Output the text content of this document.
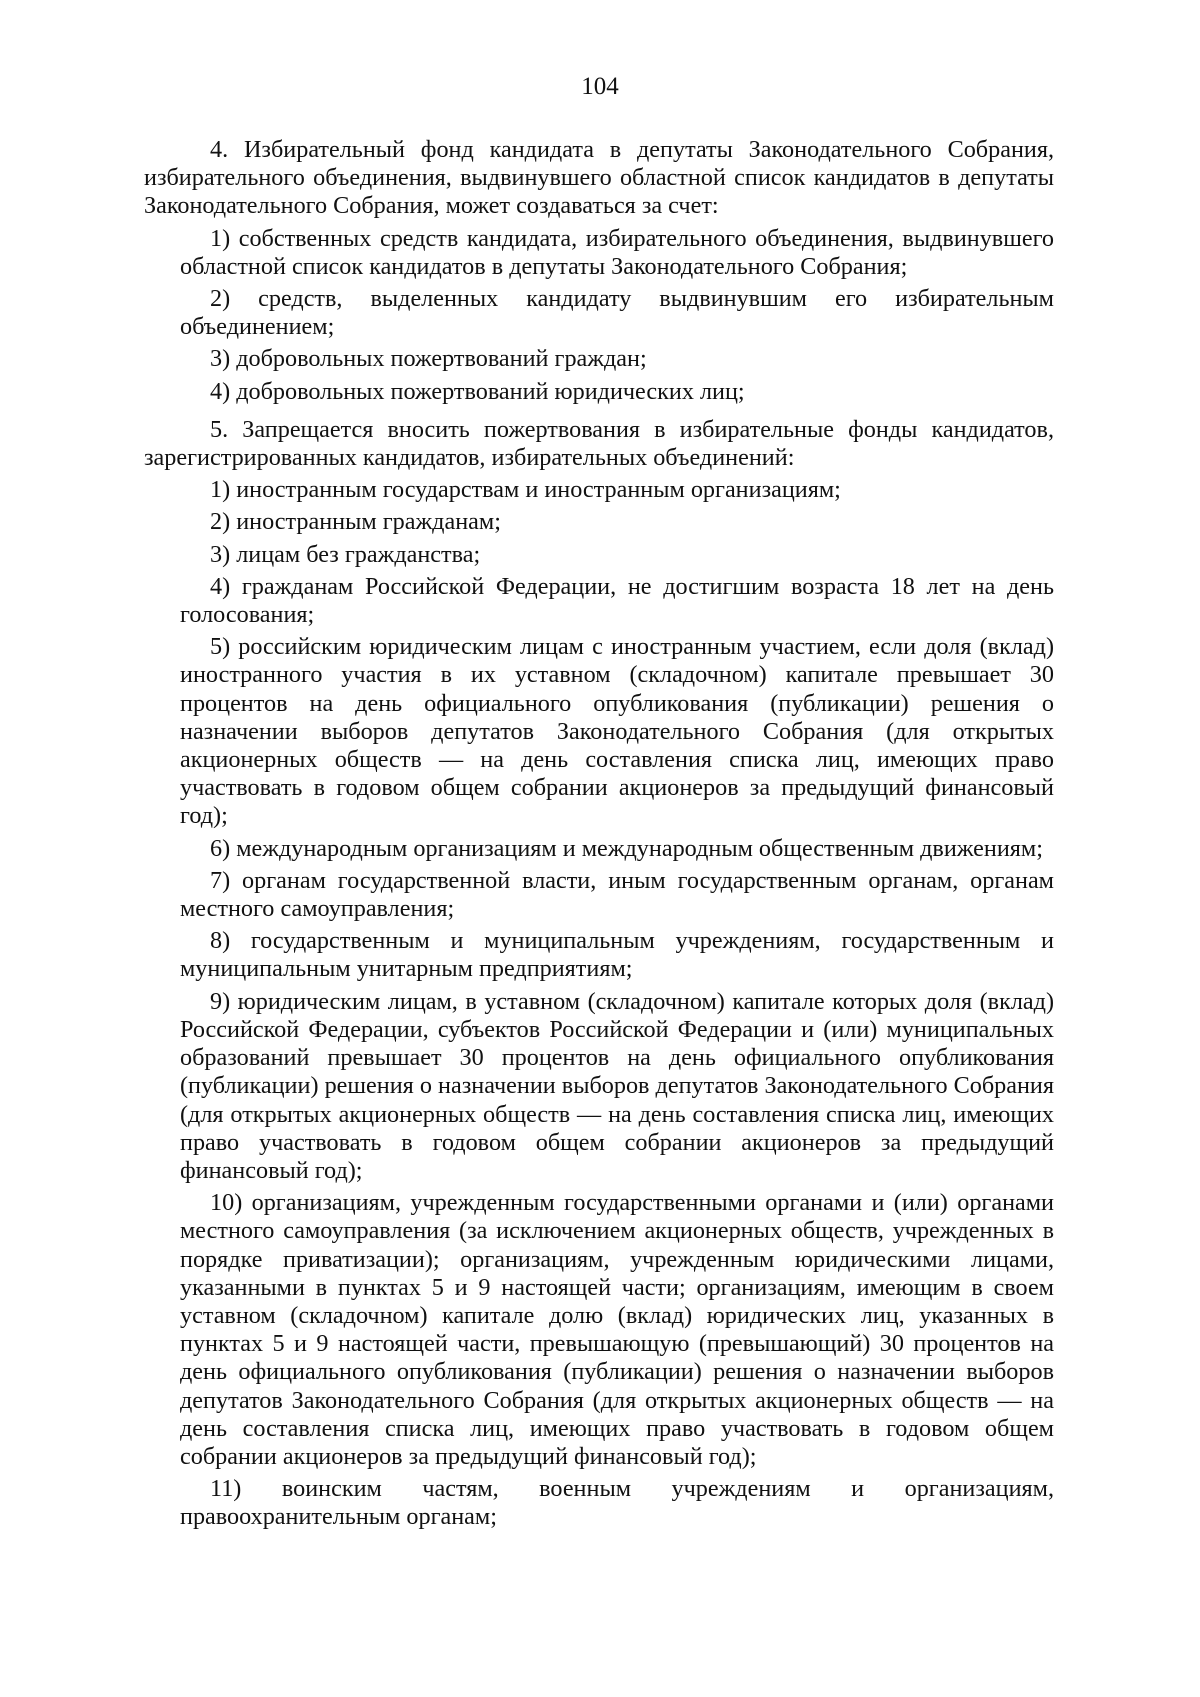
104

4. Избирательный фонд кандидата в депутаты Законодательного Собрания, избирательного объединения, выдвинувшего областной список кандидатов в депутаты Законодательного Собрания, может создаваться за счет:

1) собственных средств кандидата, избирательного объединения, выдвинувшего областной список кандидатов в депутаты Законодательного Собрания;

2) средств, выделенных кандидату выдвинувшим его избирательным объединением;

3) добровольных пожертвований граждан;

4) добровольных пожертвований юридических лиц;

5. Запрещается вносить пожертвования в избирательные фонды кандидатов, зарегистрированных кандидатов, избирательных объединений:

1) иностранным государствам и иностранным организациям;

2) иностранным гражданам;

3) лицам без гражданства;

4) гражданам Российской Федерации, не достигшим возраста 18 лет на день голосования;

5) российским юридическим лицам с иностранным участием, если доля (вклад) иностранного участия в их уставном (складочном) капитале превышает 30 процентов на день официального опубликования (публикации) решения о назначении выборов депутатов Законодательного Собрания (для открытых акционерных обществ — на день составления списка лиц, имеющих право участвовать в годовом общем собрании акционеров за предыдущий финансовый год);

6) международным организациям и международным общественным движениям;

7) органам государственной власти, иным государственным органам, органам местного самоуправления;

8) государственным и муниципальным учреждениям, государственным и муниципальным унитарным предприятиям;

9) юридическим лицам, в уставном (складочном) капитале которых доля (вклад) Российской Федерации, субъектов Российской Федерации и (или) муниципальных образований превышает 30 процентов на день официального опубликования (публикации) решения о назначении выборов депутатов Законодательного Собрания (для открытых акционерных обществ — на день составления списка лиц, имеющих право участвовать в годовом общем собрании акционеров за предыдущий финансовый год);

10) организациям, учрежденным государственными органами и (или) органами местного самоуправления (за исключением акционерных обществ, учрежденных в порядке приватизации); организациям, учрежденным юридическими лицами, указанными в пунктах 5 и 9 настоящей части; организациям, имеющим в своем уставном (складочном) капитале долю (вклад) юридических лиц, указанных в пунктах 5 и 9 настоящей части, превышающую (превышающий) 30 процентов на день официального опубликования (публикации) решения о назначении выборов депутатов Законодательного Собрания (для открытых акционерных обществ — на день составления списка лиц, имеющих право участвовать в годовом общем собрании акционеров за предыдущий финансовый год);

11) воинским частям, военным учреждениям и организациям, правоохранительным органам;
